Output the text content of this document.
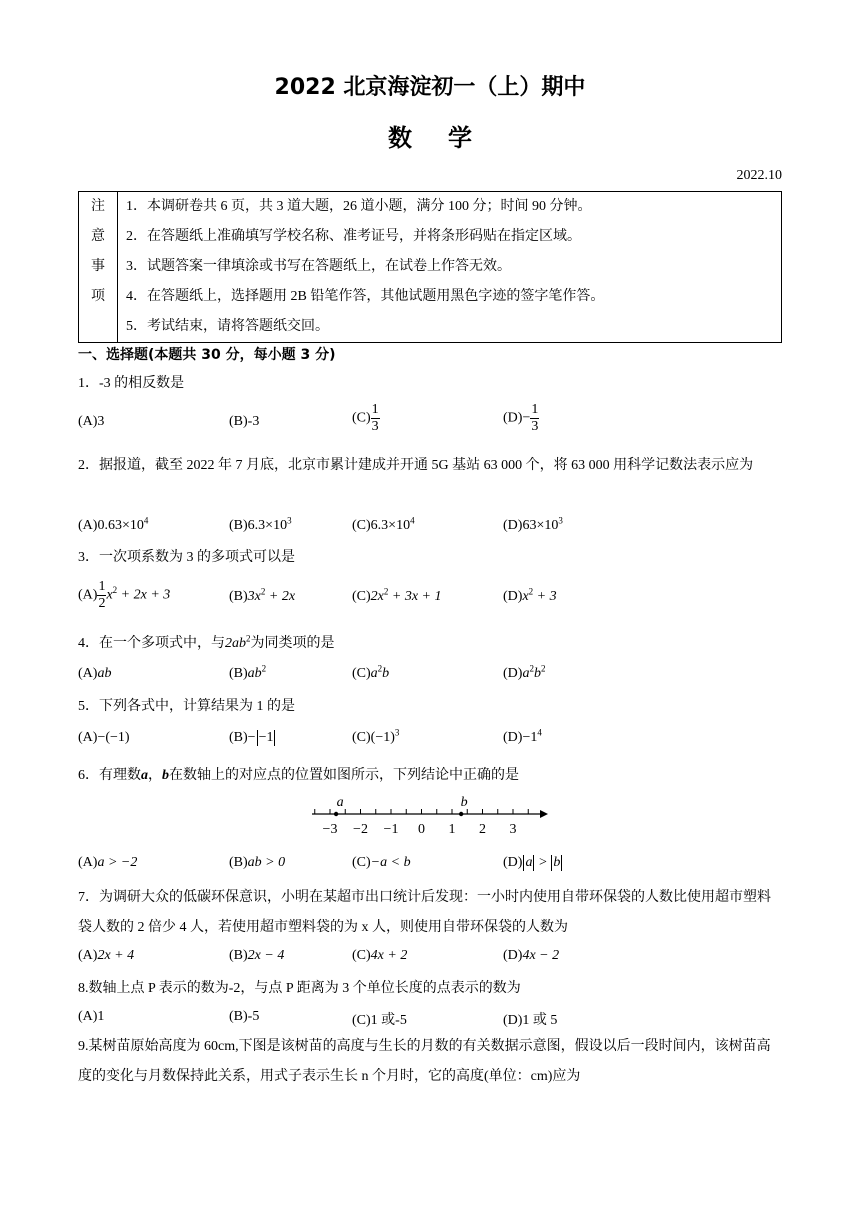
2022 北京海淀初一（上）期中
数学
2022.10
注
意
事
项

1．本调研卷共 6 页，共 3 道大题，26 道小题，满分 100 分；时间 90 分钟。
2．在答题纸上准确填写学校名称、准考证号，并将条形码贴在指定区域。
3．试题答案一律填涂或书写在答题纸上，在试卷上作答无效。
4．在答题纸上，选择题用 2B 铅笔作答，其他试题用黑色字迹的签字笔作答。
5．考试结束，请将答题纸交回。
一、选择题(本题共 30 分，每小题 3 分)
1．-3 的相反数是
(A)3	(B)-3	$(C) \frac{1}{3}$	$(D)- \frac{1}{3}$
2．据报道，截至 2022 年 7 月底，北京市累计建成并开通 5G 基站 63 000 个，将 63 000 用科学记数法表示应为
$(A)0.63\times 10^4$	$(B)6.3\times 10^3$	$(C)6.3\times 10^4$	$(D)63\times 10^3$
3．一次项系数为 3 的多项式可以是
$(A) \frac{1}{2} x^2 + 2x + 3$	$(B)3x^2 + 2x$	$(C)2x^2 + 3x + 1$	$(D)x^2 + 3$
4．在一个多项式中，与$2ab^2$为同类项的是
(A)ab	$(B)ab^2$	$(C)a^2b$	$(D)a^2b^2$
5．下列各式中，计算结果为 1 的是
(A)−(−1)	(B)− −1	$(C)(-1)^3$	$(D)-1^4$
6．有理数a，b在数轴上的对应点的位置如图所示，下列结论中正确的是
−3 −2 −1 0 1 2 3
a	b
(A)a > −2	(B)ab > 0	(C)−a < b	(D) a > b
7．为调研大众的低碳环保意识，小明在某超市出口统计后发现：一小时内使用自带环保袋的人数比使用超市塑料袋人数的 2 倍少 4 人，若使用超市塑料袋的为 x 人，则使用自带环保袋的人数为
(A)2x + 4	(B)2x − 4	(C)4x + 2	(D)4x − 2
8.数轴上点 P 表示的数为-2，与点 P 距离为 3 个单位长度的点表示的数为
(A)1	(B)-5	(C)1 或-5	(D)1 或 5
9.某树苗原始高度为 60cm,下图是该树苗的高度与生长的月数的有关数据示意图，假设以后一段时间内，该树苗高度的变化与月数保持此关系，用式子表示生长 n 个月时，它的高度(单位：cm)应为
